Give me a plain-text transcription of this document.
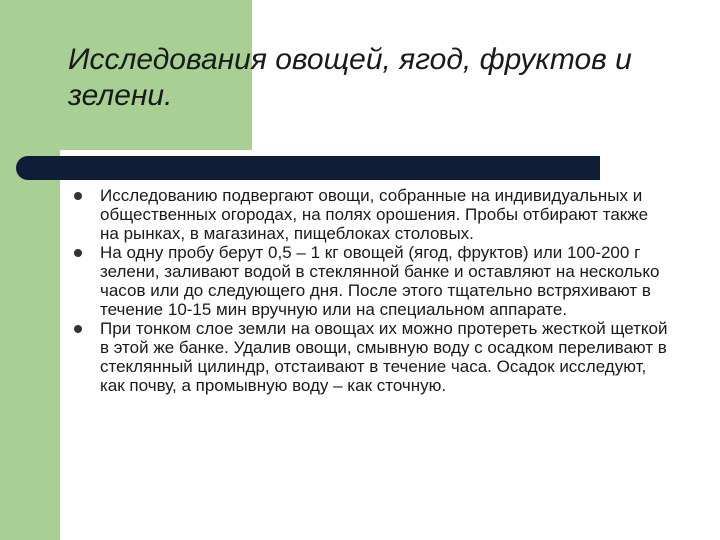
Исследования овощей, ягод, фруктов и зелени.
Исследованию подвергают овощи, собранные на индивидуальных и общественных огородах, на полях орошения. Пробы отбирают также на рынках, в магазинах, пищеблоках столовых.
На одну пробу берут 0,5 – 1 кг овощей (ягод, фруктов) или 100-200 г зелени, заливают водой в стеклянной банке и оставляют на несколько часов или до следующего дня. После этого тщательно встряхивают в течение 10-15 мин вручную или на специальном аппарате.
При тонком слое земли на овощах их можно протереть жесткой щеткой в этой же банке. Удалив овощи, смывную воду с осадком переливают в стеклянный цилиндр, отстаивают в течение часа. Осадок исследуют, как почву, а промывную воду – как сточную.
